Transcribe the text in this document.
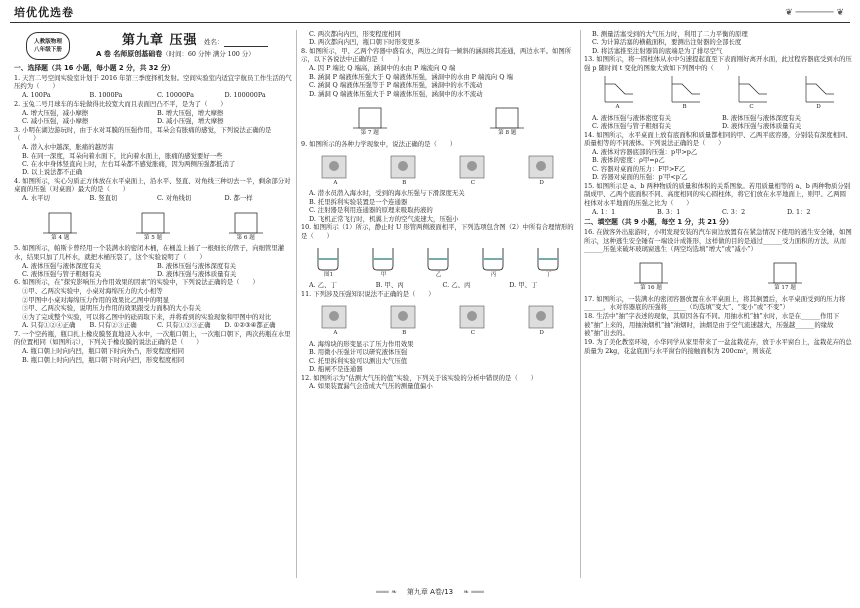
培优优选卷	❦ ─────── ❦
人教版物理
八年级下册
第九章 压强 姓名：
A 卷 名师原创基础卷（时间：60 分钟 满分 100 分）
一、选择题（共 16 小题，每小题 2 分，共 32 分）

1. 天宫二号空间实验室计划于 2016 年第三季度择机发射。空间实验室内适宜宇航员工作生活的气压约为（　　）

A. 100Pa	B. 1000Pa	C. 10000Pa	D. 100000Pa

2. 玉兔二号月球车的车轮做得比较宽大而且表面凹凸不平，是为了（　　）

A. 增大压强，减小摩擦	B. 增大压强，增大摩擦
C. 减小压强，减小摩擦	D. 减小压强，增大摩擦

3. 小明在湖边游玩时，由于水对耳膜的压强作用，耳朵会有胀痛的感觉，下列说法正确的是（　　）

A. 潜入水中越深，胀痛的越厉害
B. 在同一深度，耳朵向着水面下，比向着水面上，胀痛的感觉要好一些
C. 在水中身体竖直向上时，左右耳朵都不感觉胀痛，因为两侧压强都抵消了
D. 以上说法都不正确

4. 如图所示，实心匀质正方体放在水平桌面上，沿水平、竖直、对角线三种切去一半，剩余部分对桌面的压强（对桌面）最大的是（　　）

A. 水平切	B. 竖直切	C. 对角线切	D. 都一样
第 4 题	第 5 题	第 6 题

5. 如图所示，帕斯卡曾经用一个装满水的密闭木桶，在桶盖上插了一根细长的管子，向细管里灌水，结果只加了几杯水，就把木桶压裂了，这个实验说明了（　　）

A. 液体压强与液体深度有关	B. 液体压强与液体深度有关
C. 液体压强与管子粗细有关	D. 液体压强与液体质量有关

6. 如图所示，在“探究影响压力作用效果的因素”的实验中，下列说法正确的是（　　）

①甲、乙两次实验中，小桌对海绵压力的大小相等
②甲图中小桌对海绵压力作用的效果比乙图中的明显
③甲、乙两次实验，说明压力作用的效果跟受力面积的大小有关
④为了完成整个实验，可以将乙图中的砝码取下来，并将看到的实验现象和甲图中的对比
A. 只有①②④正确	B. 只有②③正确	C. 只有①②③正确	D. ①②③④都正确

7. 一个空药瓶，瓶口扎上橡皮膜竖直地浸入水中，一次瓶口朝上，一次瓶口朝下，两次药瓶在水里的位置相同（如图所示），下列关于橡皮膜的说法正确的是（　　）

A. 瓶口朝上时向内凹，瓶口朝下时向外凸，形变程度相同
B. 瓶口朝上时向内凹，瓶口朝下时向内凹，形变程度相同
C. 两次都向内凹，形变程度相同
D. 两次都向内凹，瓶口朝下时形变更多

8. 如图所示，甲、乙两个容器中盛有水，两边之间有一倾斜的涵洞将其连通，两边水平。如图所示，以下各说法中正确的是（　　）

A. 因 P 端比 Q 端高，涵洞中的水由 P 端流向 Q 端
B. 涵洞 P 端液体压强大于 Q 端液体压强，涵洞中的水由 P 端流向 Q 端
C. 涵洞 Q 端液体压强等于 P 端液体压强，涵洞中的水不流动
D. 涵洞 Q 端液体压强大于 P 端液体压强，涵洞中的水不流动
第 7 题	第 8 题

9. 如图所示的各种力学现象中，说法正确的是（　　）

A	B	C	D
A. 潜水员潜入海水时，受到的海水压强与下滑深度无关
B. 托里拆利实验装置是一个连通器
C. 注射器是利用连通器的原理来吸取药液的
D. 飞机正常飞行时，机翼上方的空气流速大，压强小

10. 如图所示（1）所示，静止时 U 形管两侧液面相平，下列选项包含图（2）中所有合理情形的是（　　）

图1	甲	乙	丙	丁
A. 乙、丁	B. 甲、丙	C. 乙、丙	D. 甲、丁

11. 下列涉及压强知识说法不正确的是（　　）

A	B	C	D
A. 海绵块的形变显示了压力作用效果
B. 用微小压强计可以研究液体压强
C. 托里拆利实验可以测出大气压值
D. 船闸不是连通器

12. 如图所示为“估测大气压的值”实验，下列关于该实验的分析中错误的是（　　）

A. 如果装置漏气会造成大气压的测量值偏小
B. 测量活塞受到的大气压力时，利用了二力平衡的原理
C. 为计算活塞的横截面积，要测出注射器的全部长度
D. 将活塞推至注射器筒的底端是为了排尽空气

13. 如图所示，将一圆柱体从水中匀速提起直至下表面刚好离开水面，此过程容器底受到水的压强 p 随时间 t 变化的图象大致如下列图中的（　　）

A	B	C	D
A. 液体压强与液体密度有关	B. 液体压强与液体深度有关
C. 液体压强与管子粗细有关	D. 液体压强与液体质量有关

14. 如图所示，水平桌面上放有底面积和质量都相同的甲、乙两平底容器，分别装有深度相同、质量相等的不同液体。下列说法正确的是（　　）

A. 液体对容器底部的压强：p甲>p乙
B. 液体的密度：ρ甲=ρ乙
C. 容器对桌面的压力：F甲>F乙
D. 容器对桌面的压强：p′甲<p′乙

15. 如图所示是 a、b 两种物质的质量和体积的关系图象。若用质量相等的 a、b 两种物质分别制成甲、乙两个底面积不同、高度相同的实心圆柱体，将它们放在水平地面上，则甲、乙两圆柱体对水平地面的压强之比为（　　）

A. 1：1	B. 3：1	C. 3：2	D. 1：2
二、填空题（共 9 小题，每空 1 分，共 21 分）

16. 在做客外出旅游时，小明发现安装的汽车窗边放置有在紧急情况下使用的逃生安全锤，如图所示，这种逃生安全锤有一端设计成锥形，这样做的目的是通过______受力面积的方法，从而______压强来破坏玻璃窗逃生（两空均选填“增大”或“减小”）

第 16 题	第 17 题

17. 如图所示，一装满水的密闭容器放置在水平桌面上，将其倒置后，水平桌面受到的压力将______，水对容器底的压强将______（均选填“变大”、“变小”或“不变”）

18. 生活中“抽”字表述的现象，其原因各有不同。用抽水机“抽”水时，水是在______作用下被“抽”上来的，用抽油烟机“抽”油烟时，油烟是由于空气流速越大，压强越______的缘故被“抽”出去的。

19. 为了美化教室环境，小华同学从家里带来了一盆盆栽花卉，放于水平窗台上，盆栽花卉的总质量为 2kg，花盆底面与水平窗台的接触面积为 200cm²，则该花

═══ ❧ 第九章 A卷/13 ❧ ═══
